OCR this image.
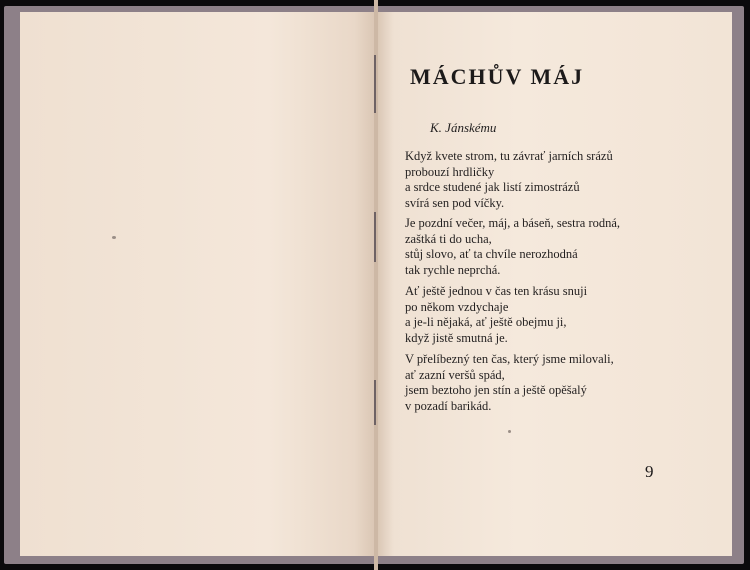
MÁCHŮV MÁJ

K. Jánskému

Když kvete strom, tu závrať jarních srázů
probouzí hrdličky
a srdce studené jak listí zimostrázů
svírá sen pod víčky.

Je pozdní večer, máj, a báseň, sestra rodná,
zaštká ti do ucha,
stůj slovo, ať ta chvíle nerozhodná
tak rychle neprchá.

Ať ještě jednou v čas ten krásu snuji
po někom vzdychaje
a je-li nějaká, ať ještě obejmu ji,
když jistě smutná je.

V přelíbezný ten čas, který jsme milovali,
ať zazní veršů spád,
jsem beztoho jen stín a ještě opěšalý
v pozadí barikád.

9
